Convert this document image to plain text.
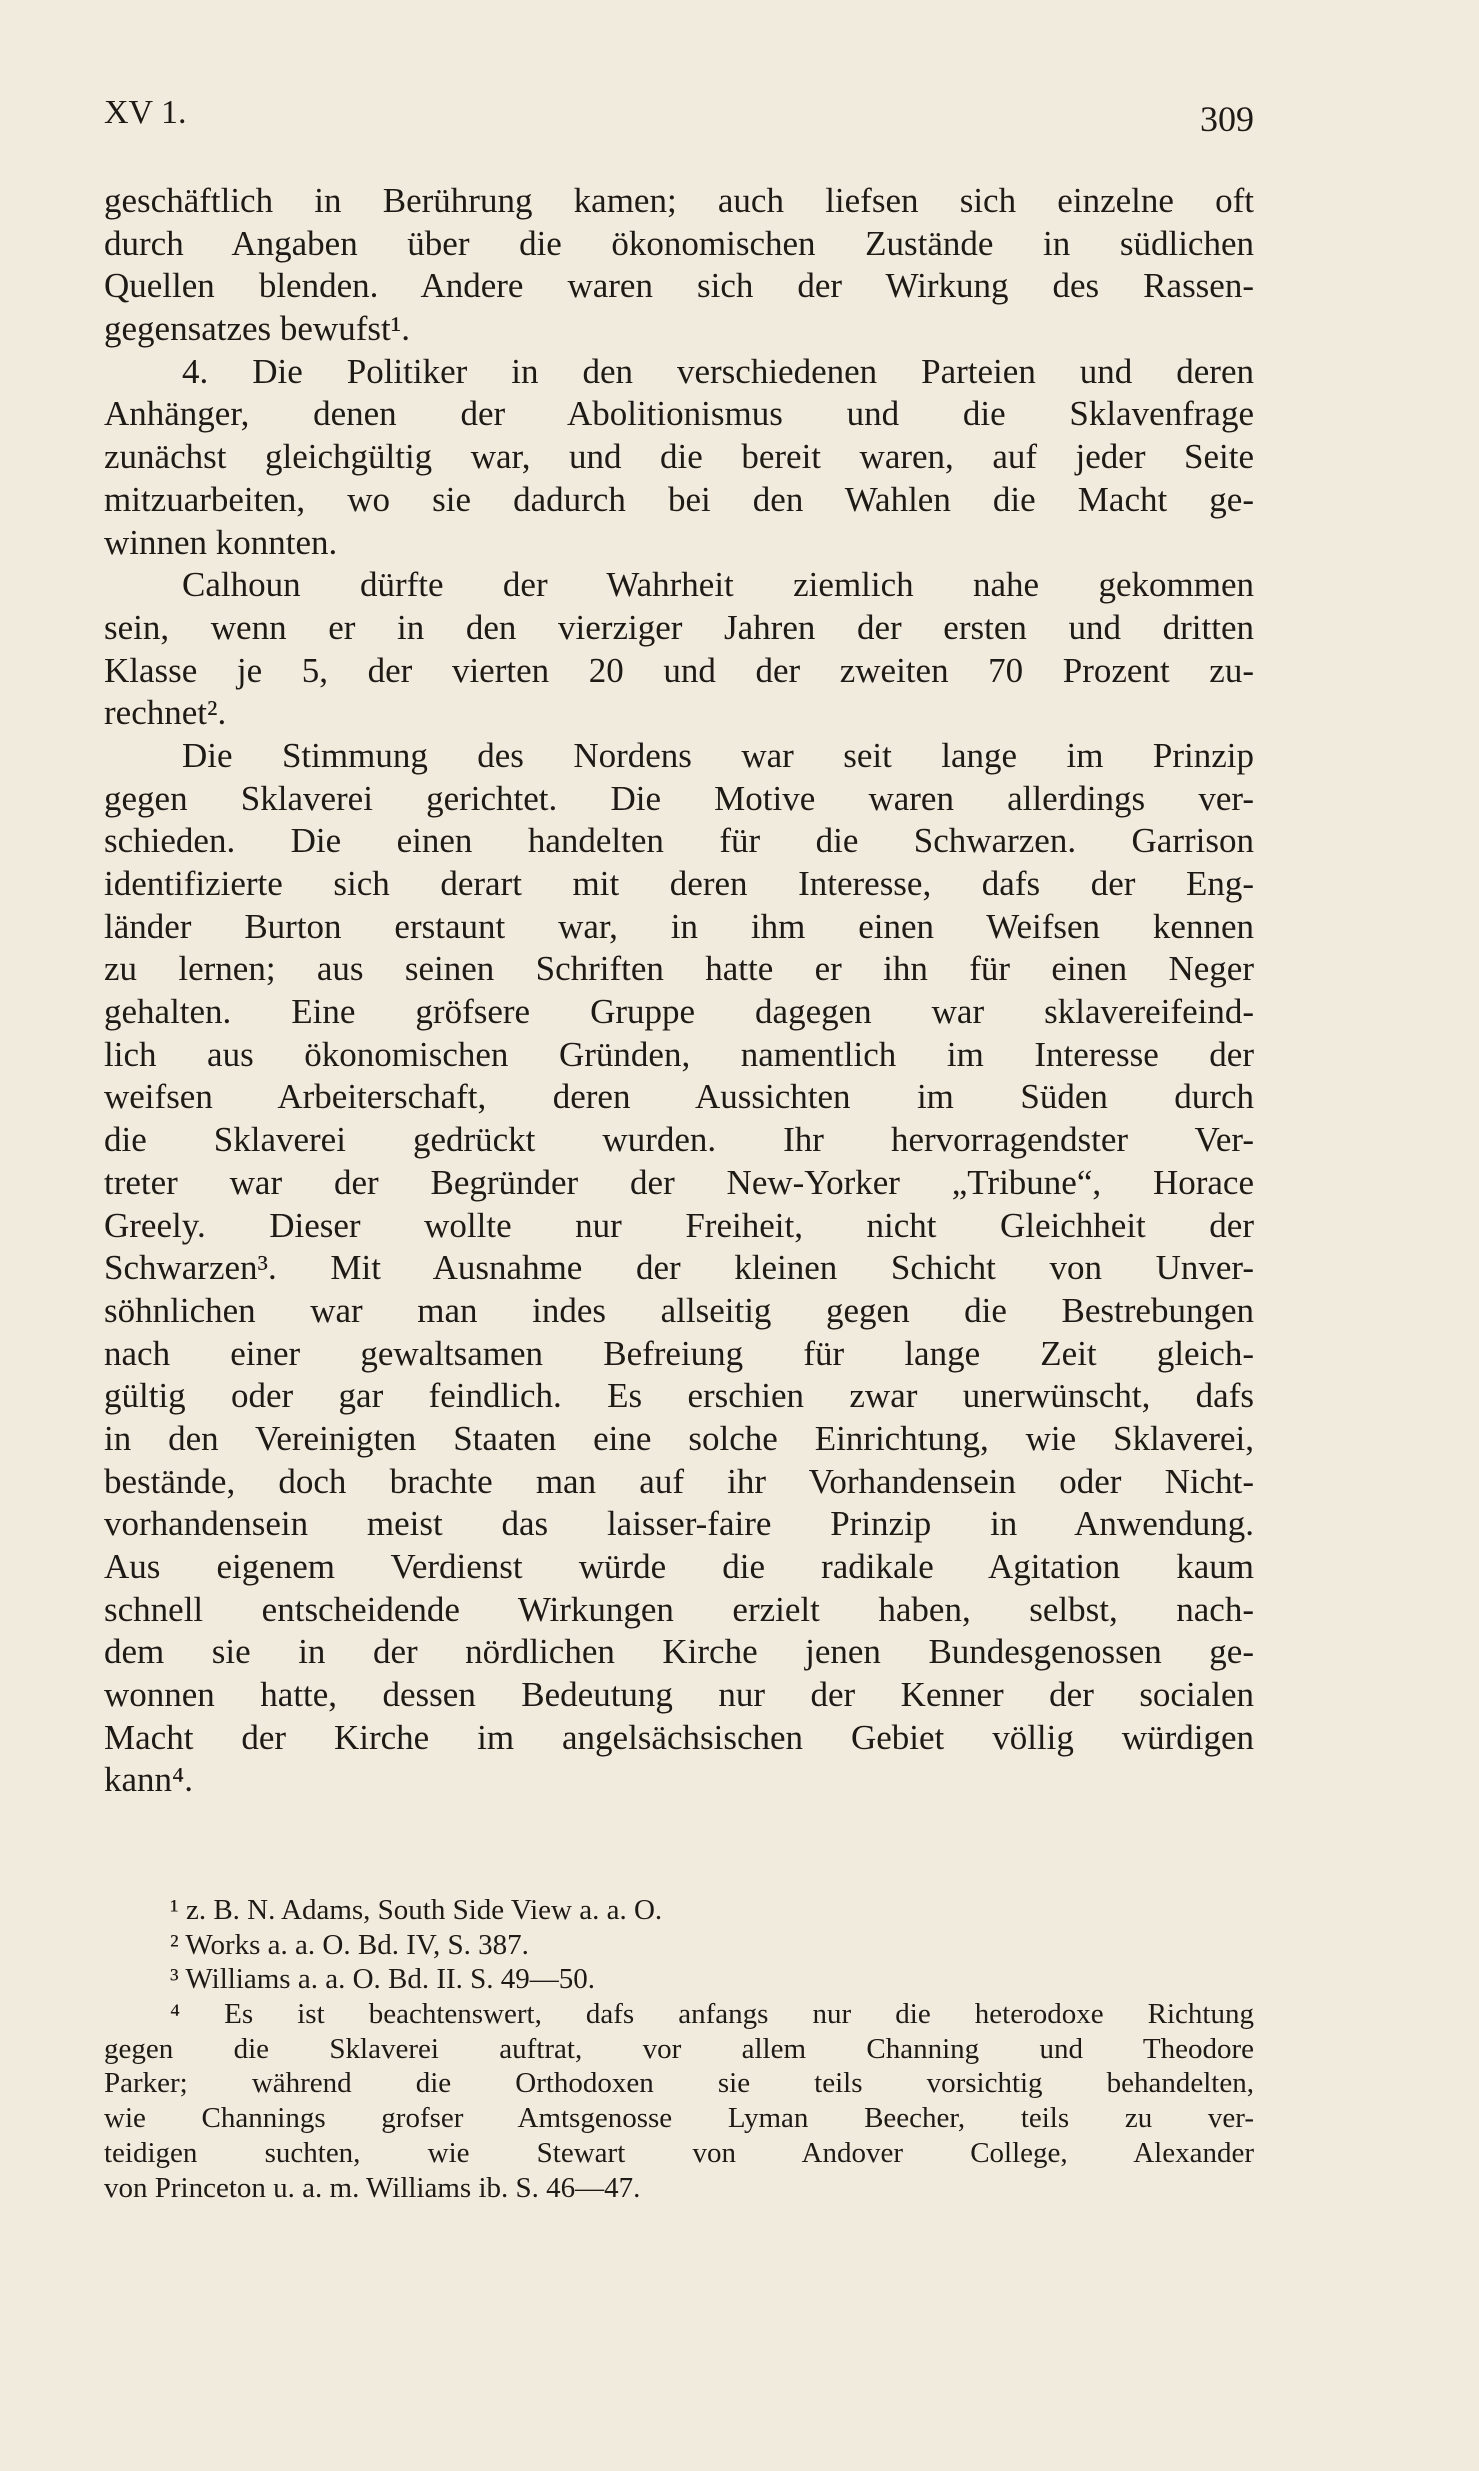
XV 1.	309
geschäftlich in Berührung kamen; auch liefsen sich einzelne oft
durch Angaben über die ökonomischen Zustände in südlichen
Quellen blenden. Andere waren sich der Wirkung des Rassen-
gegensatzes bewufst¹.
4. Die Politiker in den verschiedenen Parteien und deren
Anhänger, denen der Abolitionismus und die Sklavenfrage
zunächst gleichgültig war, und die bereit waren, auf jeder Seite
mitzuarbeiten, wo sie dadurch bei den Wahlen die Macht ge-
winnen konnten.
Calhoun dürfte der Wahrheit ziemlich nahe gekommen
sein, wenn er in den vierziger Jahren der ersten und dritten
Klasse je 5, der vierten 20 und der zweiten 70 Prozent zu-
rechnet².
Die Stimmung des Nordens war seit lange im Prinzip
gegen Sklaverei gerichtet. Die Motive waren allerdings ver-
schieden. Die einen handelten für die Schwarzen. Garrison
identifizierte sich derart mit deren Interesse, dafs der Eng-
länder Burton erstaunt war, in ihm einen Weifsen kennen
zu lernen; aus seinen Schriften hatte er ihn für einen Neger
gehalten. Eine gröfsere Gruppe dagegen war sklavereifeind-
lich aus ökonomischen Gründen, namentlich im Interesse der
weifsen Arbeiterschaft, deren Aussichten im Süden durch
die Sklaverei gedrückt wurden. Ihr hervorragendster Ver-
treter war der Begründer der New-Yorker „Tribune“, Horace
Greely. Dieser wollte nur Freiheit, nicht Gleichheit der
Schwarzen³. Mit Ausnahme der kleinen Schicht von Unver-
söhnlichen war man indes allseitig gegen die Bestrebungen
nach einer gewaltsamen Befreiung für lange Zeit gleich-
gültig oder gar feindlich. Es erschien zwar unerwünscht, dafs
in den Vereinigten Staaten eine solche Einrichtung, wie Sklaverei,
bestände, doch brachte man auf ihr Vorhandensein oder Nicht-
vorhandensein meist das laisser-faire Prinzip in Anwendung.
Aus eigenem Verdienst würde die radikale Agitation kaum
schnell entscheidende Wirkungen erzielt haben, selbst, nach-
dem sie in der nördlichen Kirche jenen Bundesgenossen ge-
wonnen hatte, dessen Bedeutung nur der Kenner der socialen
Macht der Kirche im angelsächsischen Gebiet völlig würdigen
kann⁴.
¹ z. B. N. Adams, South Side View a. a. O.
² Works a. a. O. Bd. IV, S. 387.
³ Williams a. a. O. Bd. II. S. 49—50.
⁴ Es ist beachtenswert, dafs anfangs nur die heterodoxe Richtung
gegen die Sklaverei auftrat, vor allem Channing und Theodore
Parker; während die Orthodoxen sie teils vorsichtig behandelten,
wie Channings grofser Amtsgenosse Lyman Beecher, teils zu ver-
teidigen suchten, wie Stewart von Andover College, Alexander
von Princeton u. a. m. Williams ib. S. 46—47.
